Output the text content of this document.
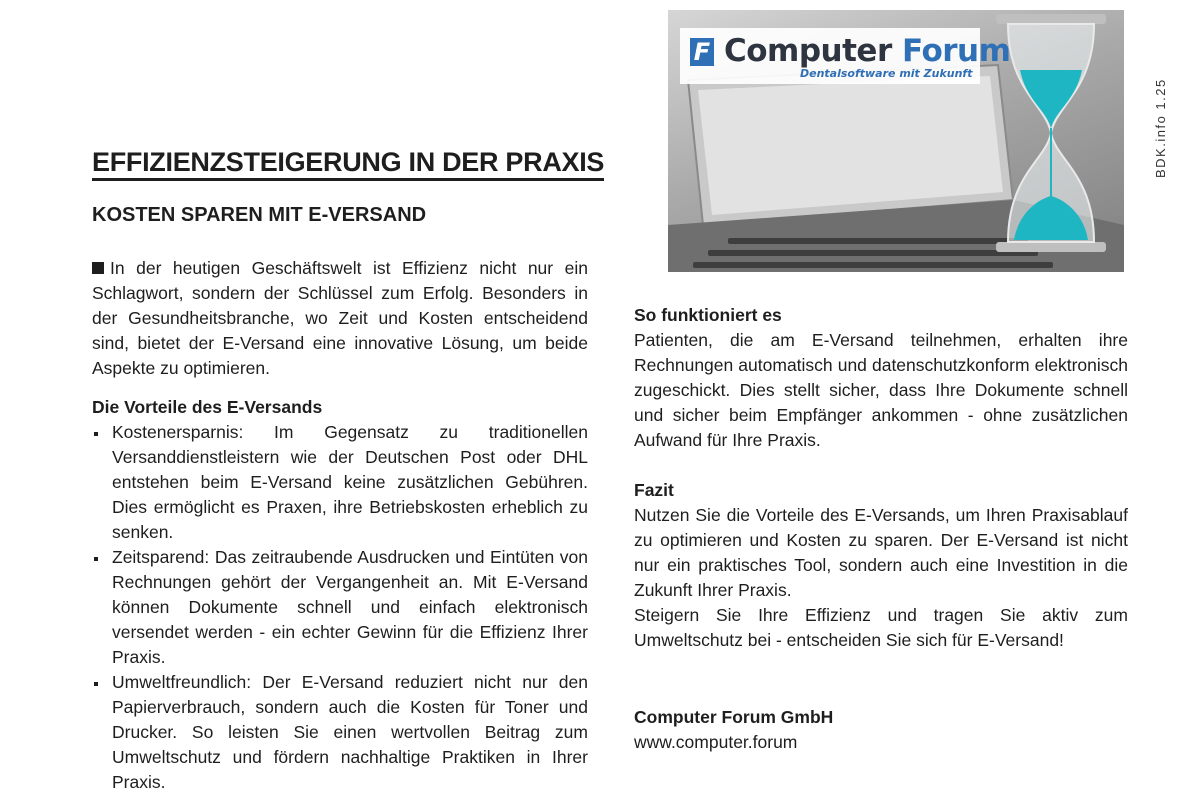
F Computer Forum
Dentalsoftware mit Zukunft
BDK.info 1.25
EFFIZIENZSTEIGERUNG IN DER PRAXIS
KOSTEN SPAREN MIT E-VERSAND

In der heutigen Geschäftswelt ist Effizienz nicht nur ein Schlagwort, sondern der Schlüssel zum Erfolg. Besonders in der Gesundheitsbranche, wo Zeit und Kosten entscheidend sind, bietet der E-Versand eine innovative Lösung, um beide Aspekte zu optimieren.

Die Vorteile des E-Versands
Kostenersparnis: Im Gegensatz zu traditionellen Versanddienstleistern wie der Deutschen Post oder DHL entstehen beim E-Versand keine zusätzlichen Gebühren. Dies ermöglicht es Praxen, ihre Betriebskosten erheblich zu senken.
Zeitsparend: Das zeitraubende Ausdrucken und Eintüten von Rechnungen gehört der Vergangenheit an. Mit E-Versand können Dokumente schnell und einfach elektronisch versendet werden - ein echter Gewinn für die Effizienz Ihrer Praxis.
Umweltfreundlich: Der E-Versand reduziert nicht nur den Papierverbrauch, sondern auch die Kosten für Toner und Drucker. So leisten Sie einen wertvollen Beitrag zum Umweltschutz und fördern nachhaltige Praktiken in Ihrer Praxis.
So funktioniert es

Patienten, die am E-Versand teilnehmen, erhalten ihre Rechnungen automatisch und datenschutzkonform elektronisch zugeschickt. Dies stellt sicher, dass Ihre Dokumente schnell und sicher beim Empfänger ankommen - ohne zusätzlichen Aufwand für Ihre Praxis.

Fazit

Nutzen Sie die Vorteile des E-Versands, um Ihren Praxisablauf zu optimieren und Kosten zu sparen. Der E-Versand ist nicht nur ein praktisches Tool, sondern auch eine Investition in die Zukunft Ihrer Praxis.

Steigern Sie Ihre Effizienz und tragen Sie aktiv zum Umweltschutz bei - entscheiden Sie sich für E-Versand!

Computer Forum GmbH

www.computer.forum
